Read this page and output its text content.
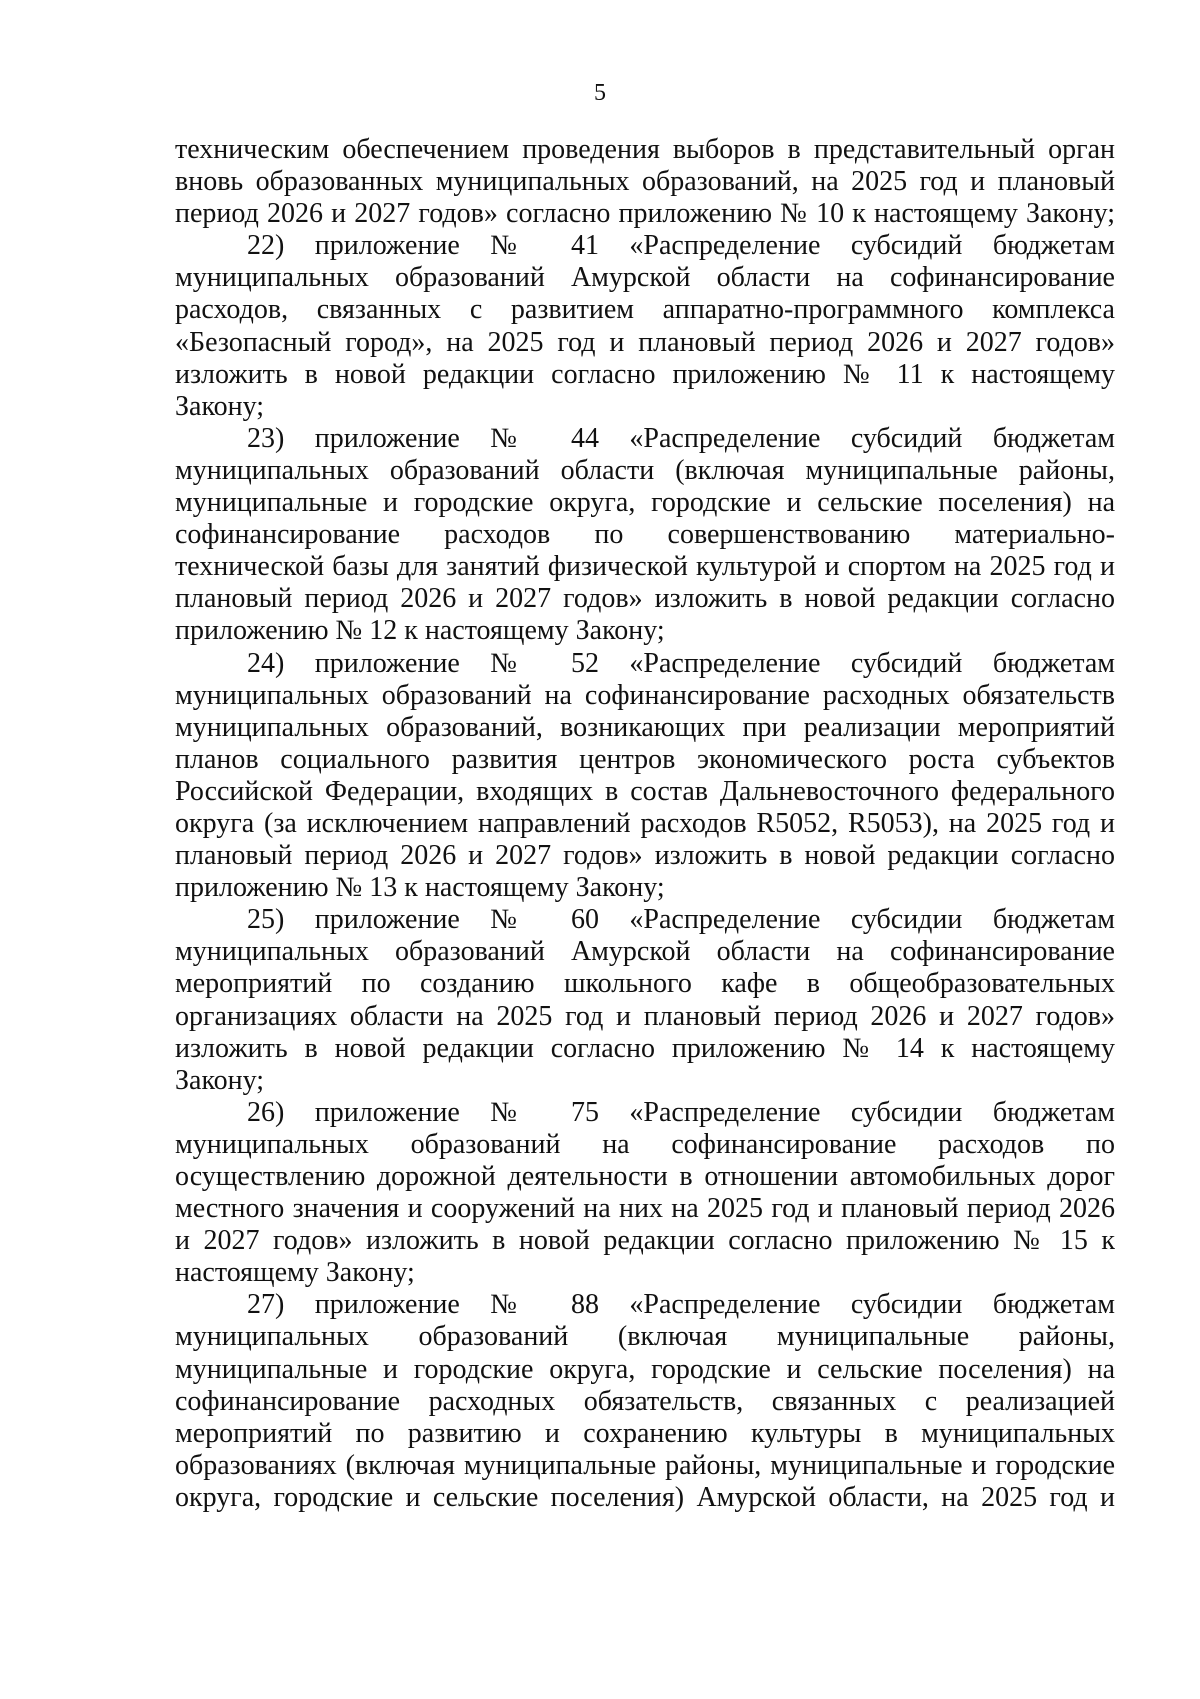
5
техническим обеспечением проведения выборов в представительный орган
вновь образованных муниципальных образований, на 2025 год и плановый
период 2026 и 2027 годов» согласно приложению № 10 к настоящему Закону;
22) приложение № 41 «Распределение субсидий бюджетам
муниципальных образований Амурской области на софинансирование
расходов, связанных с развитием аппаратно-программного комплекса
«Безопасный город», на 2025 год и плановый период 2026 и 2027 годов»
изложить в новой редакции согласно приложению № 11 к настоящему
Закону;
23) приложение № 44 «Распределение субсидий бюджетам
муниципальных образований области (включая муниципальные районы,
муниципальные и городские округа, городские и сельские поселения) на
софинансирование расходов по совершенствованию материально-
технической базы для занятий физической культурой и спортом на 2025 год и
плановый период 2026 и 2027 годов» изложить в новой редакции согласно
приложению № 12 к настоящему Закону;
24) приложение № 52 «Распределение субсидий бюджетам
муниципальных образований на софинансирование расходных обязательств
муниципальных образований, возникающих при реализации мероприятий
планов социального развития центров экономического роста субъектов
Российской Федерации, входящих в состав Дальневосточного федерального
округа (за исключением направлений расходов R5052, R5053), на 2025 год и
плановый период 2026 и 2027 годов» изложить в новой редакции согласно
приложению № 13 к настоящему Закону;
25) приложение № 60 «Распределение субсидии бюджетам
муниципальных образований Амурской области на софинансирование
мероприятий по созданию школьного кафе в общеобразовательных
организациях области на 2025 год и плановый период 2026 и 2027 годов»
изложить в новой редакции согласно приложению № 14 к настоящему
Закону;
26) приложение № 75 «Распределение субсидии бюджетам
муниципальных образований на софинансирование расходов по
осуществлению дорожной деятельности в отношении автомобильных дорог
местного значения и сооружений на них на 2025 год и плановый период 2026
и 2027 годов» изложить в новой редакции согласно приложению № 15 к
настоящему Закону;
27) приложение № 88 «Распределение субсидии бюджетам
муниципальных образований (включая муниципальные районы,
муниципальные и городские округа, городские и сельские поселения) на
софинансирование расходных обязательств, связанных с реализацией
мероприятий по развитию и сохранению культуры в муниципальных
образованиях (включая муниципальные районы, муниципальные и городские
округа, городские и сельские поселения) Амурской области, на 2025 год и
